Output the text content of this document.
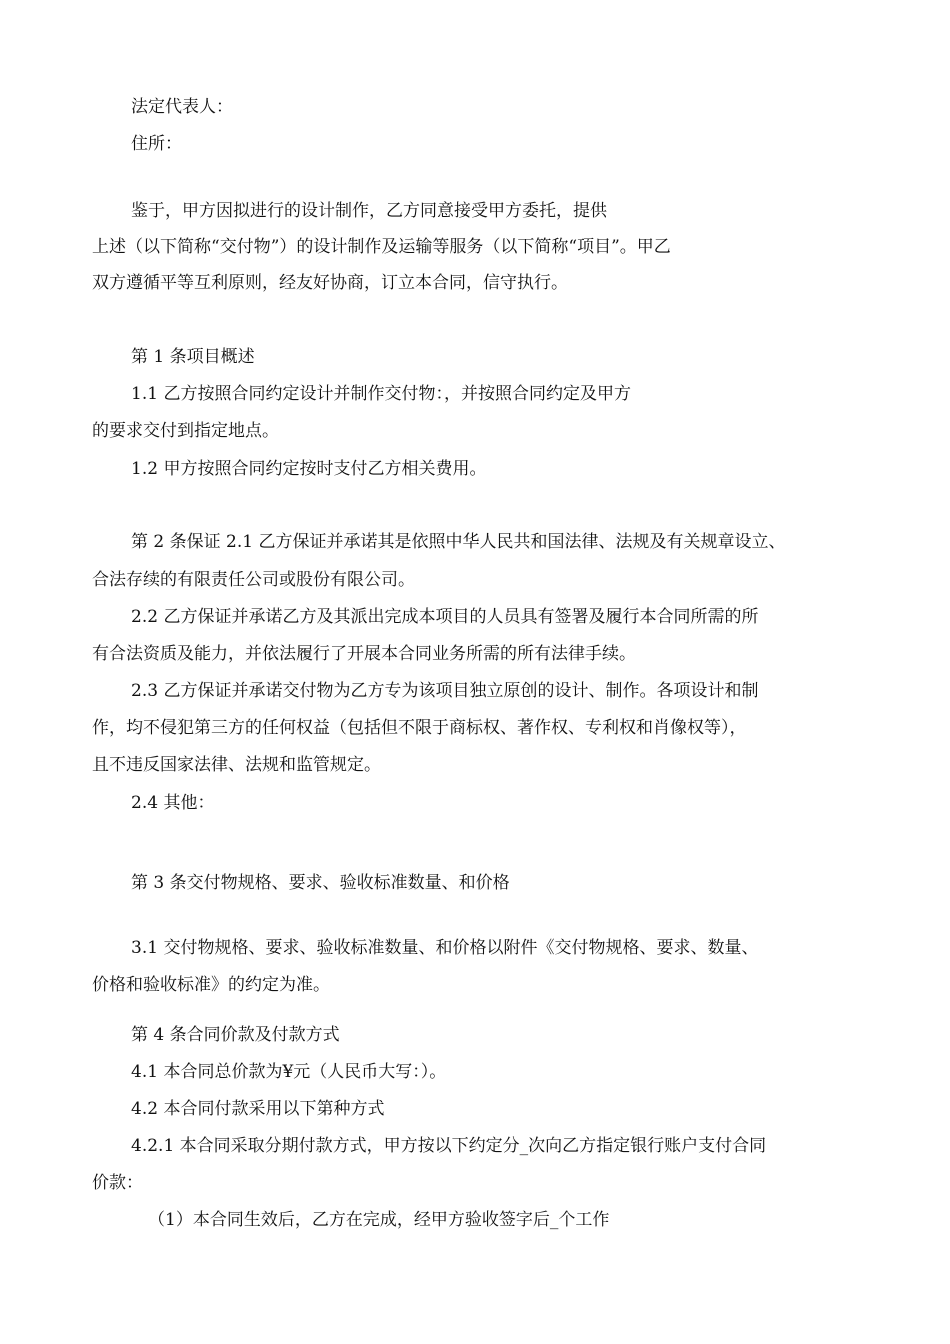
法定代表人：

住所：

鉴于，甲方因拟进行的设计制作，乙方同意接受甲方委托，提供

上述（以下简称“交付物”）的设计制作及运输等服务（以下简称“项目”。甲乙

双方遵循平等互利原则，经友好协商，订立本合同，信守执行。

第 1 条项目概述

1.1 乙方按照合同约定设计并制作交付物：，并按照合同约定及甲方

的要求交付到指定地点。

1.2 甲方按照合同约定按时支付乙方相关费用。

第 2 条保证 2.1 乙方保证并承诺其是依照中华人民共和国法律、法规及有关规章设立、

合法存续的有限责任公司或股份有限公司。

2.2 乙方保证并承诺乙方及其派出完成本项目的人员具有签署及履行本合同所需的所

有合法资质及能力，并依法履行了开展本合同业务所需的所有法律手续。

2.3 乙方保证并承诺交付物为乙方专为该项目独立原创的设计、制作。各项设计和制

作，均不侵犯第三方的任何权益（包括但不限于商标权、著作权、专利权和肖像权等），

且不违反国家法律、法规和监管规定。

2.4 其他：

第 3 条交付物规格、要求、验收标准数量、和价格

3.1 交付物规格、要求、验收标准数量、和价格以附件《交付物规格、要求、数量、

价格和验收标准》的约定为准。

第 4 条合同价款及付款方式

4.1 本合同总价款为¥元（人民币大写：）。

4.2 本合同付款采用以下第种方式

4.2.1 本合同采取分期付款方式，甲方按以下约定分_次向乙方指定银行账户支付合同

价款：

（1）本合同生效后，乙方在完成，经甲方验收签字后_个工作
